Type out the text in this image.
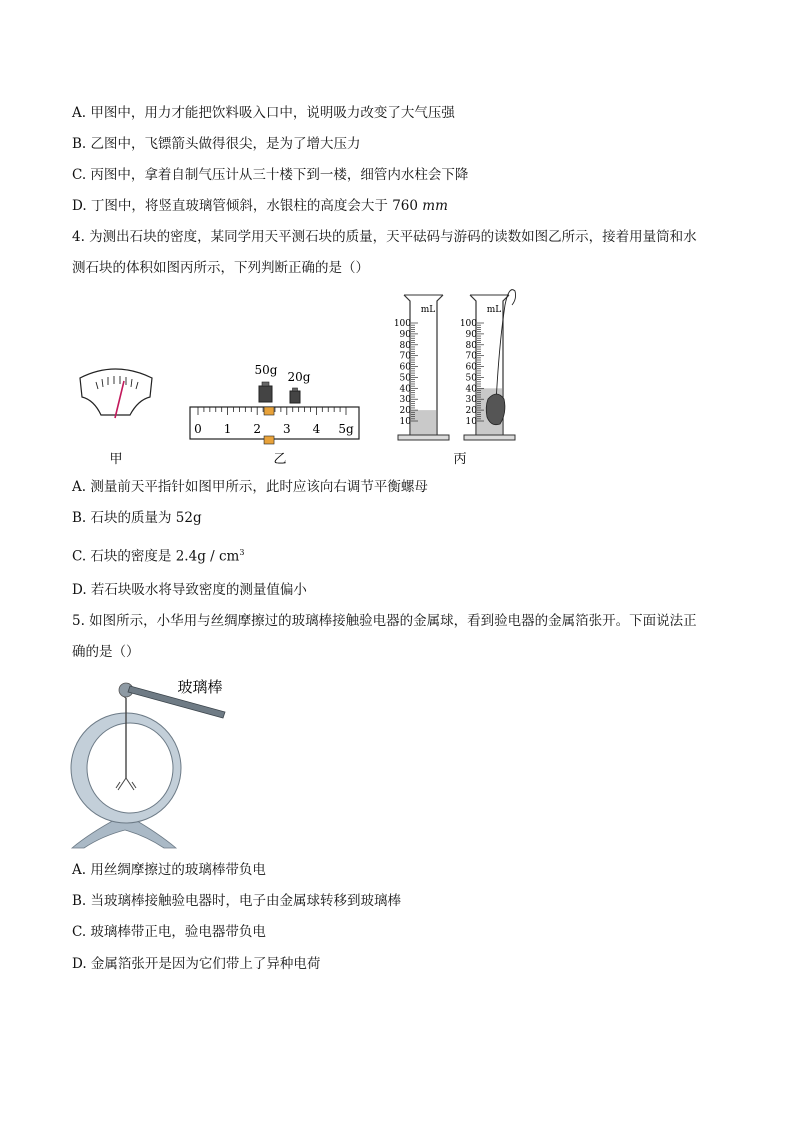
A. 甲图中，用力才能把饮料吸入口中，说明吸力改变了大气压强
B. 乙图中，飞镖箭头做得很尖，是为了增大压力
C. 丙图中，拿着自制气压计从三十楼下到一楼，细管内水柱会下降
D. 丁图中，将竖直玻璃管倾斜，水银柱的高度会大于 760 mm
4. 为测出石块的密度，某同学用天平测石块的质量，天平砝码与游码的读数如图乙所示，接着用量筒和水
测石块的体积如图丙所示，下列判断正确的是（）
甲
50g 20g
0 1 2 3 4 5g
乙
mL
100
90
80
70
60
50
40
30
20
10
mL
100
90
80
70
60
50
40
30
20
10
丙
A. 测量前天平指针如图甲所示，此时应该向右调节平衡螺母
B. 石块的质量为 52g
C. 石块的密度是 $2.4g / cm^3$
D. 若石块吸水将导致密度的测量值偏小
5. 如图所示，小华用与丝绸摩擦过的玻璃棒接触验电器的金属球，看到验电器的金属箔张开。下面说法正
确的是（）
玻璃棒
A. 用丝绸摩擦过的玻璃棒带负电
B. 当玻璃棒接触验电器时，电子由金属球转移到玻璃棒
C. 玻璃棒带正电，验电器带负电
D. 金属箔张开是因为它们带上了异种电荷
